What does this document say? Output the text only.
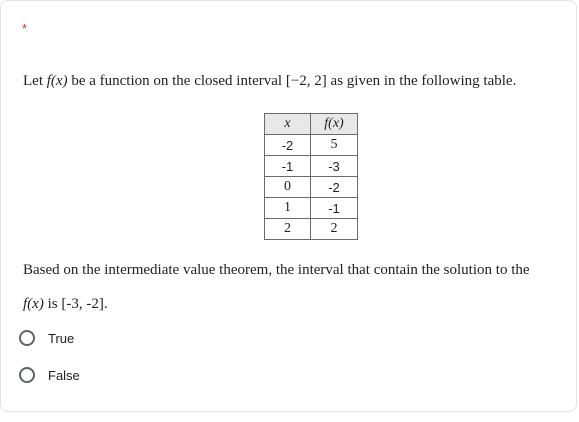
*
Let f(x) be a function on the closed interval [−2, 2] as given in the following table.
x	f(x)
-2	5
-1	-3
0	-2
1	-1
2	2
Based on the intermediate value theorem, the interval that contain the solution to the
f(x) is [-3, -2].
True
False
